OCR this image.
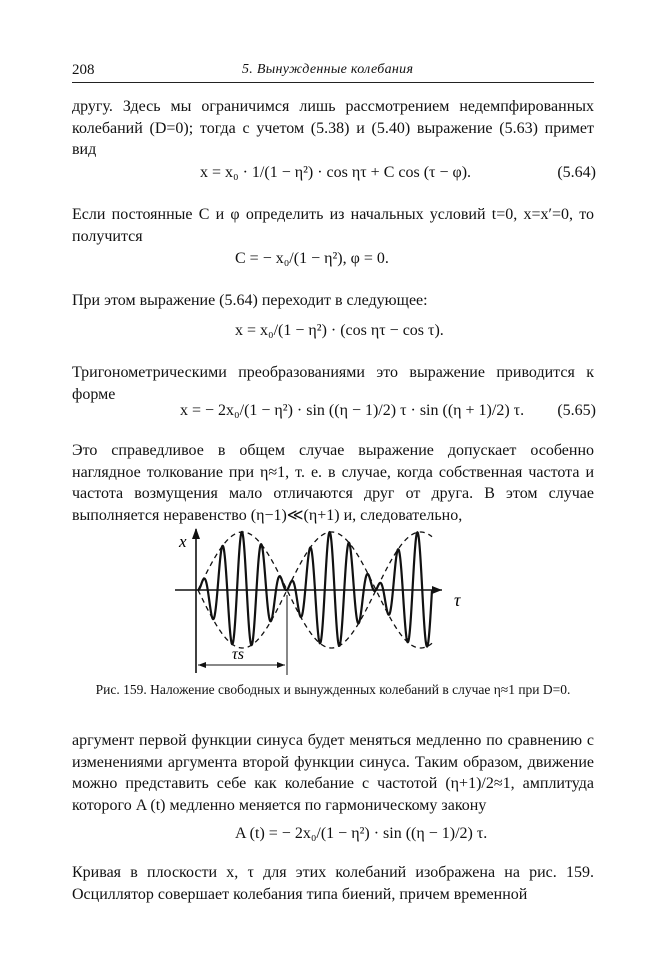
208	5. Вынужденные колебания

другу. Здесь мы ограничимся лишь рассмотрением недемпфированных колебаний (D=0); тогда с учетом (5.38) и (5.40) выражение (5.63) примет вид

x = x₀ · 1/(1 − η²) · cos ητ + C cos (τ − φ).	(5.64)

Если постоянные C и φ определить из начальных условий t=0, x=x′=0, то получится

C = − x₀/(1 − η²), φ = 0.

При этом выражение (5.64) переходит в следующее:

x = x₀/(1 − η²) · (cos ητ − cos τ).

Тригонометрическими преобразованиями это выражение приводится к форме

x = − 2x₀/(1 − η²) · sin ((η − 1)/2) τ · sin ((η + 1)/2) τ. (5.65)

Это справедливое в общем случае выражение допускает особенно наглядное толкование при η≈1, т. е. в случае, когда собственная частота и частота возмущения мало отличаются друг от друга. В этом случае выполняется неравенство (η−1)≪(η+1) и, следовательно,

τ
x
τs

Рис. 159. Наложение свободных и вынужденных колебаний в случае η≈1 при D=0.

аргумент первой функции синуса будет меняться медленно по сравнению с изменениями аргумента второй функции синуса. Таким образом, движение можно представить себе как колебание с частотой (η+1)/2≈1, амплитуда которого A (t) медленно меняется по гармоническому закону

A (t) = − 2x₀/(1 − η²) · sin ((η − 1)/2) τ.

Кривая в плоскости x, τ для этих колебаний изображена на рис. 159. Осциллятор совершает колебания типа биений, причем временной
